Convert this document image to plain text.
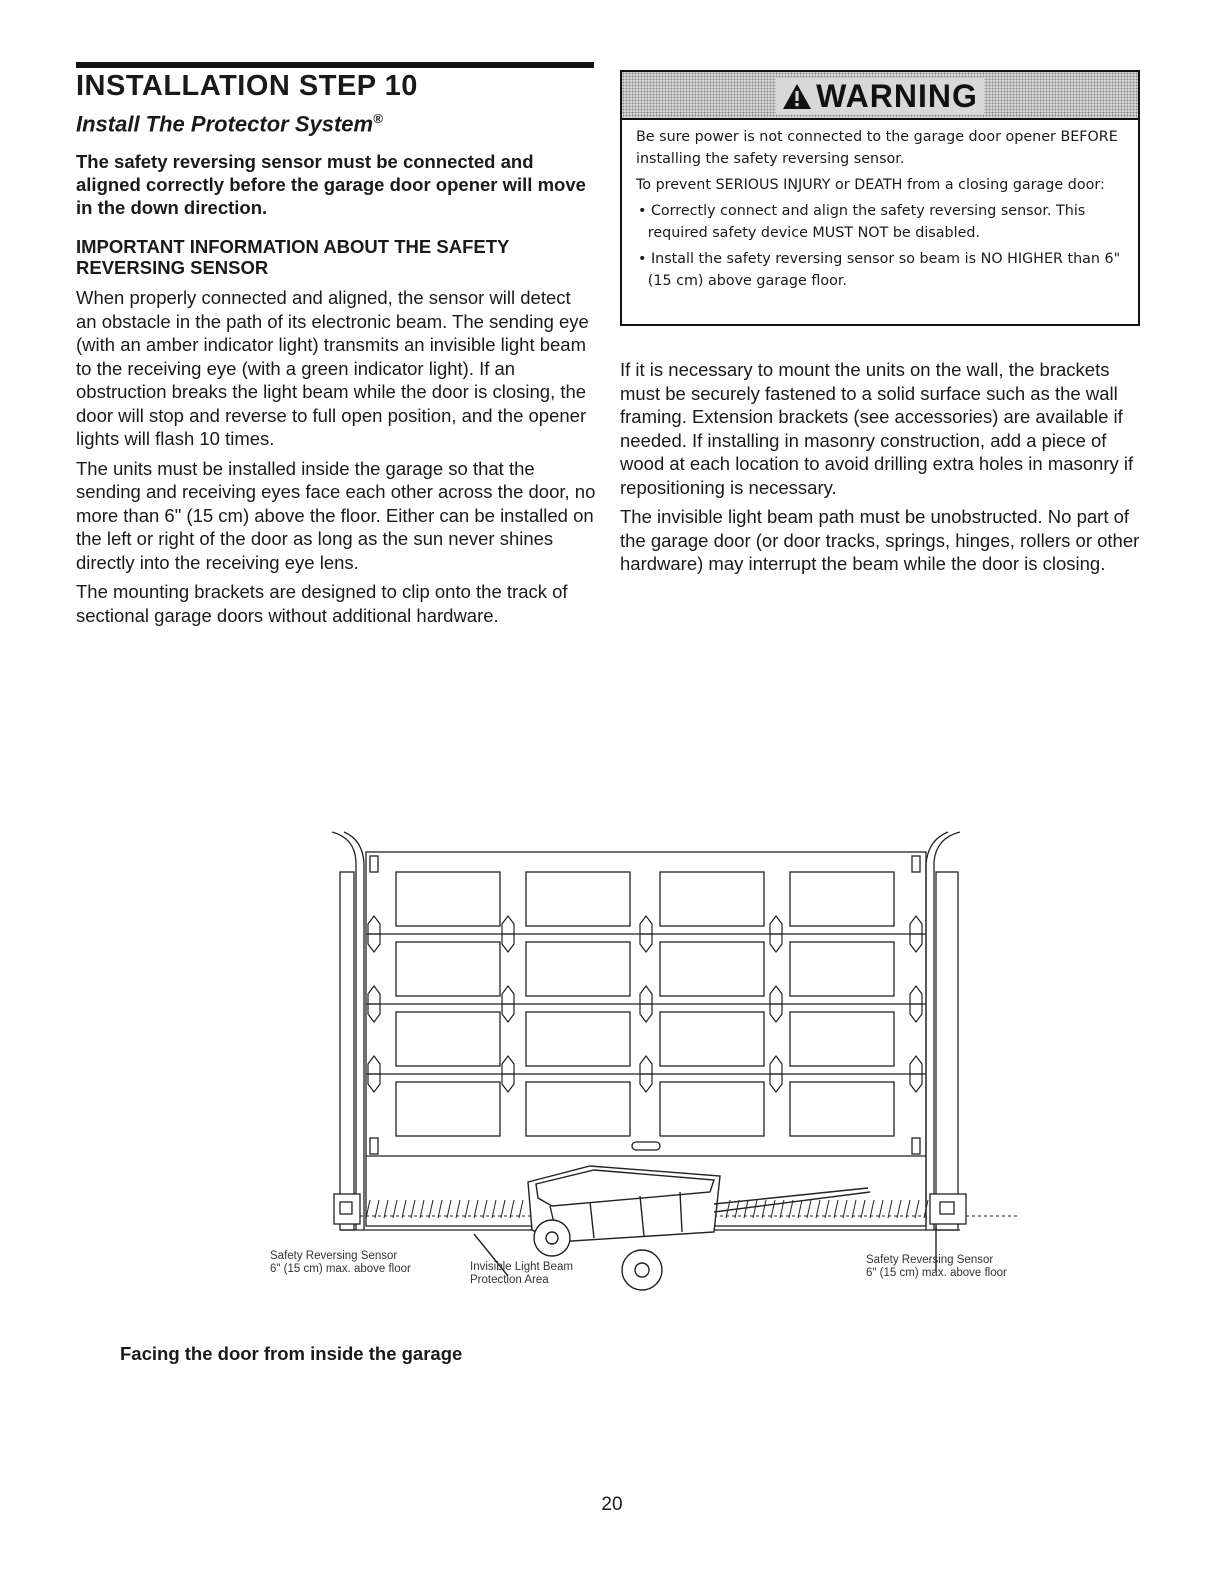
INSTALLATION STEP 10
Install The Protector System®
The safety reversing sensor must be connected and aligned correctly before the garage door opener will move in the down direction.
IMPORTANT INFORMATION ABOUT THE SAFETY REVERSING SENSOR

When properly connected and aligned, the sensor will detect an obstacle in the path of its electronic beam. The sending eye (with an amber indicator light) transmits an invisible light beam to the receiving eye (with a green indicator light). If an obstruction breaks the light beam while the door is closing, the door will stop and reverse to full open position, and the opener lights will flash 10 times.

The units must be installed inside the garage so that the sending and receiving eyes face each other across the door, no more than 6" (15 cm) above the floor. Either can be installed on the left or right of the door as long as the sun never shines directly into the receiving eye lens.

The mounting brackets are designed to clip onto the track of sectional garage doors without additional hardware.

WARNING

Be sure power is not connected to the garage door opener BEFORE installing the safety reversing sensor.

To prevent SERIOUS INJURY or DEATH from a closing garage door:

• Correctly connect and align the safety reversing sensor. This required safety device MUST NOT be disabled.
• Install the safety reversing sensor so beam is NO HIGHER than 6" (15 cm) above garage floor.

If it is necessary to mount the units on the wall, the brackets must be securely fastened to a solid surface such as the wall framing. Extension brackets (see accessories) are available if needed. If installing in masonry construction, add a piece of wood at each location to avoid drilling extra holes in masonry if repositioning is necessary.

The invisible light beam path must be unobstructed. No part of the garage door (or door tracks, springs, hinges, rollers or other hardware) may interrupt the beam while the door is closing.

Safety Reversing Sensor
6" (15 cm) max. above floor	Invisible Light Beam
Protection Area
Safety Reversing Sensor
6" (15 cm) max. above floor
Facing the door from inside the garage
20
